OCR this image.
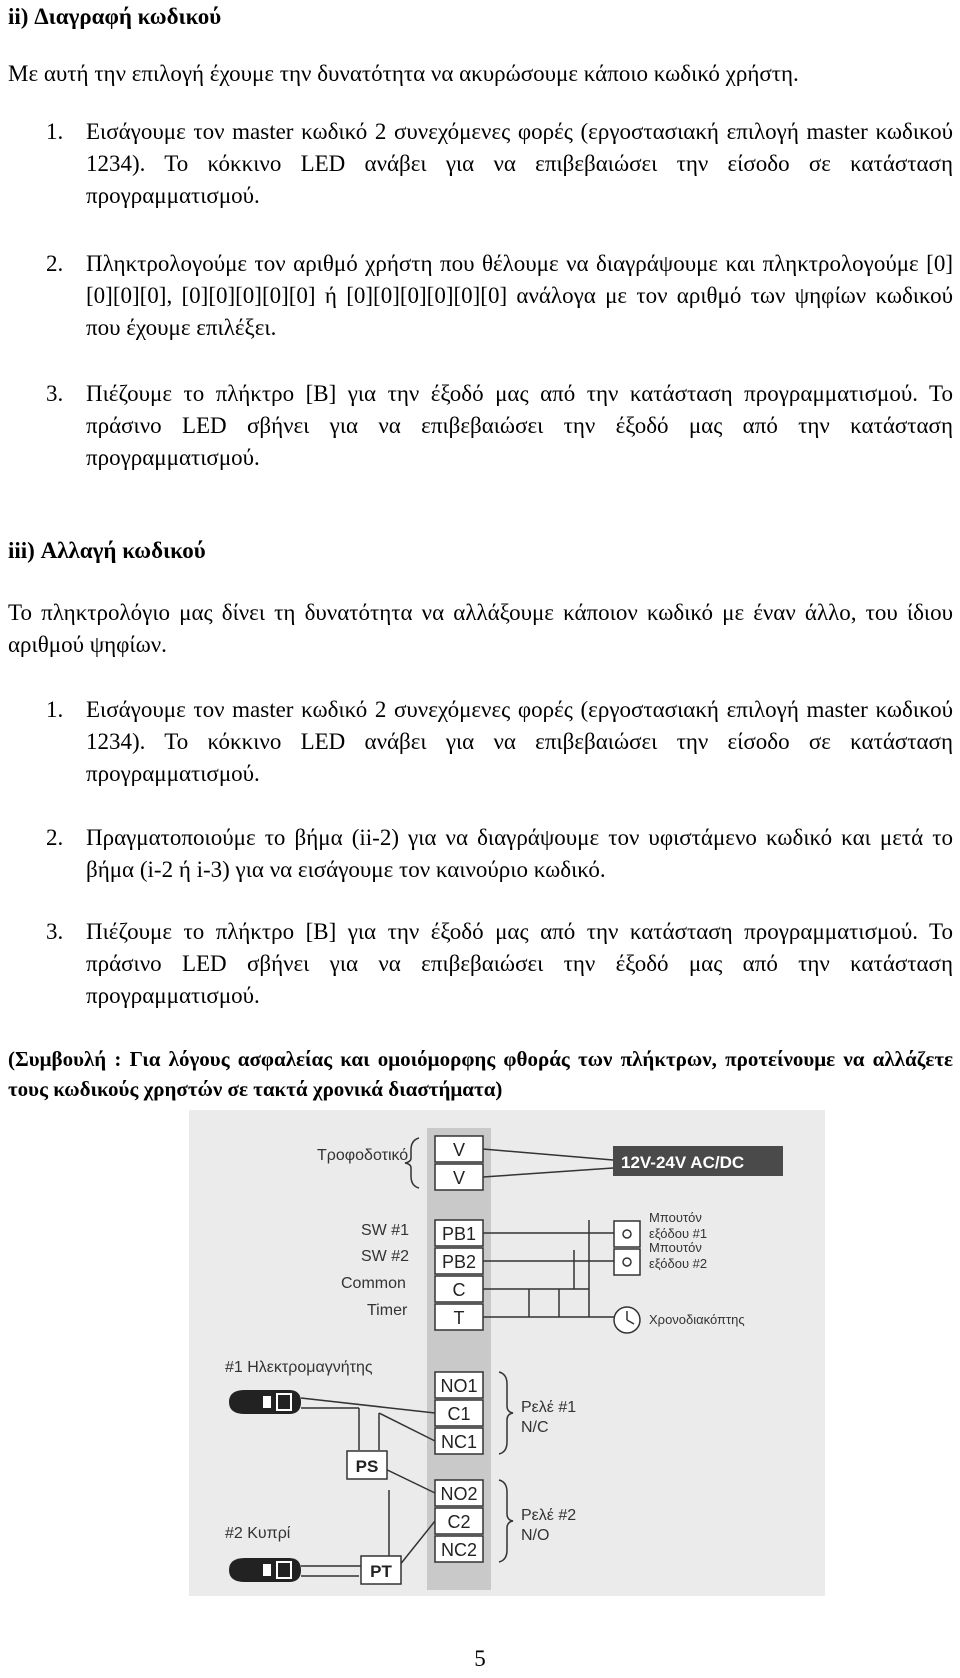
ii) Διαγραφή κωδικού

Με αυτή την επιλογή έχουμε την δυνατότητα να ακυρώσουμε κάποιο κωδικό χρήστη.

1. Εισάγουμε τον master κωδικό 2 συνεχόμενες φορές (εργοστασιακή επιλογή master κωδικού 1234). Το κόκκινο LED ανάβει για να επιβεβαιώσει την είσοδο σε κατάσταση προγραμματισμού.
2. Πληκτρολογούμε τον αριθμό χρήστη που θέλουμε να διαγράψουμε και πληκτρολογούμε [0][0][0][0], [0][0][0][0][0] ή [0][0][0][0][0][0] ανάλογα με τον αριθμό των ψηφίων κωδικού που έχουμε επιλέξει.
3. Πιέζουμε το πλήκτρο [B] για την έξοδό μας από την κατάσταση προγραμματισμού. Το πράσινο LED σβήνει για να επιβεβαιώσει την έξοδό μας από την κατάσταση προγραμματισμού.
iii) Αλλαγή κωδικού

Το πληκτρολόγιο μας δίνει τη δυνατότητα να αλλάξουμε κάποιον κωδικό με έναν άλλο, του ίδιου αριθμού ψηφίων.

1. Εισάγουμε τον master κωδικό 2 συνεχόμενες φορές (εργοστασιακή επιλογή master κωδικού 1234). Το κόκκινο LED ανάβει για να επιβεβαιώσει την είσοδο σε κατάσταση προγραμματισμού.
2. Πραγματοποιούμε το βήμα (ii-2) για να διαγράψουμε τον υφιστάμενο κωδικό και μετά το βήμα (i-2 ή i-3) για να εισάγουμε τον καινούριο κωδικό.
3. Πιέζουμε το πλήκτρο [B] για την έξοδό μας από την κατάσταση προγραμματισμού. Το πράσινο LED σβήνει για να επιβεβαιώσει την έξοδό μας από την κατάσταση προγραμματισμού.

(Συμβουλή : Για λόγους ασφαλείας και ομοιόμορφης φθοράς των πλήκτρων, προτείνουμε να αλλάζετε τους κωδικούς χρηστών σε τακτά χρονικά διαστήματα)

12V-24V AC/DC
V
V
PB1
PB2
C
T
NO1
C1
NC1
NO2
C2
NC2
Τροφοδοτικό
SW #1
SW #2
Common
Timer
#1 Ηλεκτρομαγνήτης
#2 Κυπρί
Μπουτόν
εξόδου #1
Μπουτόν
εξόδου #2
Χρονοδιακόπτης
Ρελέ #1
N/C
Ρελέ #2
N/O
PS
PT
5
